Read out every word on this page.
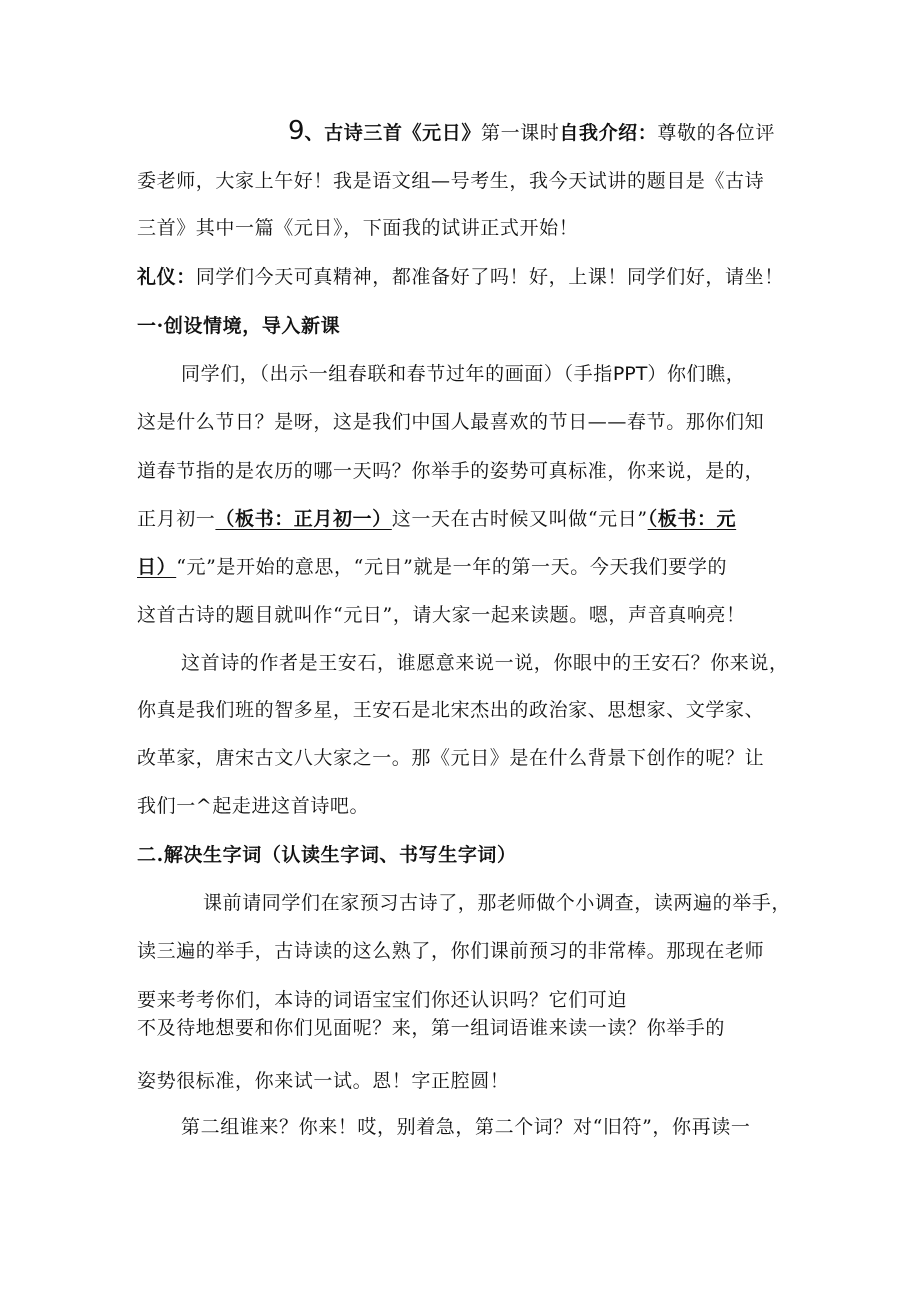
9、古诗三首《元日》第一课时自我介绍：尊敬的各位评
委老师，大家上午好！我是语文组—号考生，我今天试讲的题目是《古诗
三首》其中一篇《元日》，下面我的试讲正式开始！
礼仪：同学们今天可真精神，都准备好了吗！好，上课！同学们好，请坐！
一·创设情境，导入新课
同学们，（出示一组春联和春节过年的画面）（手指PPT）你们瞧，
这是什么节日？是呀，这是我们中国人最喜欢的节日——春节。那你们知
道春节指的是农历的哪一天吗？你举手的姿势可真标准，你来说，是的，
正月初一（板书：正月初一）这一天在古时候又叫做“元日”（板书：元
日）“元”是开始的意思，“元日”就是一年的第一天。今天我们要学的
这首古诗的题目就叫作“元日”，请大家一起来读题。嗯，声音真响亮！
这首诗的作者是王安石，谁愿意来说一说，你眼中的王安石？你来说，
你真是我们班的智多星，王安石是北宋杰出的政治家、思想家、文学家、
改革家，唐宋古文八大家之一。那《元日》是在什么背景下创作的呢？让
我们一^起走进这首诗吧。
二.解决生字词（认读生字词、书写生字词）
课前请同学们在家预习古诗了，那老师做个小调查，读两遍的举手，
读三遍的举手，古诗读的这么熟了，你们课前预习的非常棒。那现在老师
要来考考你们，本诗的词语宝宝们你还认识吗？它们可迫
不及待地想要和你们见面呢？来，第一组词语谁来读一读？你举手的
姿势很标准，你来试一试。恩！字正腔圆！
第二组谁来？你来！哎，别着急，第二个词？对“旧符”，你再读一
